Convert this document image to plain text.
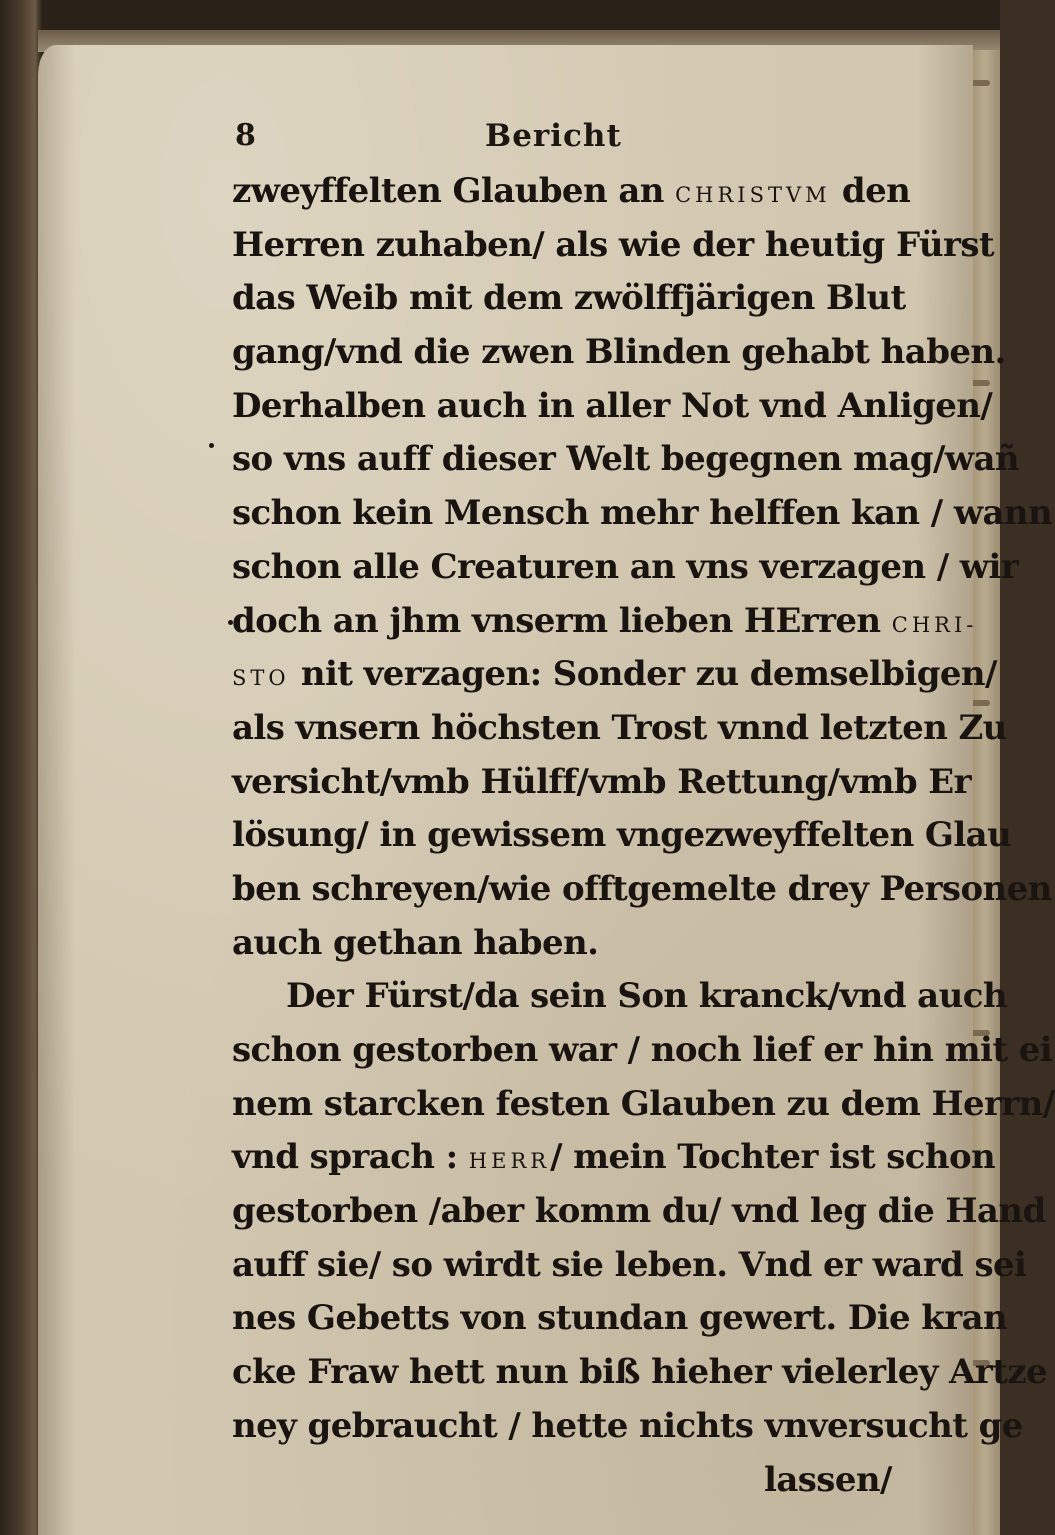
8	Bericht
zweyffelten Glauben an CHRISTVM den
Herren zuhaben/ als wie der heutig Fürst
das Weib mit dem zwölffjärigen Blut
gang/vnd die zwen Blinden gehabt haben.
Derhalben auch in aller Not vnd Anligen/
so vns auff dieser Welt begegnen mag/wañ
schon kein Mensch mehr helffen kan / wann
schon alle Creaturen an vns verzagen / wir
doch an jhm vnserm lieben HErren CHRI-
STO nit verzagen: Sonder zu demselbigen/
als vnsern höchsten Trost vnnd letzten Zu
versicht/vmb Hülff/vmb Rettung/vmb Er
lösung/ in gewissem vngezweyffelten Glau
ben schreyen/wie offtgemelte drey Personen
auch gethan haben.
Der Fürst/da sein Son kranck/vnd auch
schon gestorben war / noch lief er hin mit ei
nem starcken festen Glauben zu dem Herrn/
vnd sprach : HERR/ mein Tochter ist schon
gestorben /aber komm du/ vnd leg die Hand
auff sie/ so wirdt sie leben. Vnd er ward sei
nes Gebetts von stundan gewert. Die kran
cke Fraw hett nun biß hieher vielerley Artze
ney gebraucht / hette nichts vnversucht ge
lassen/
